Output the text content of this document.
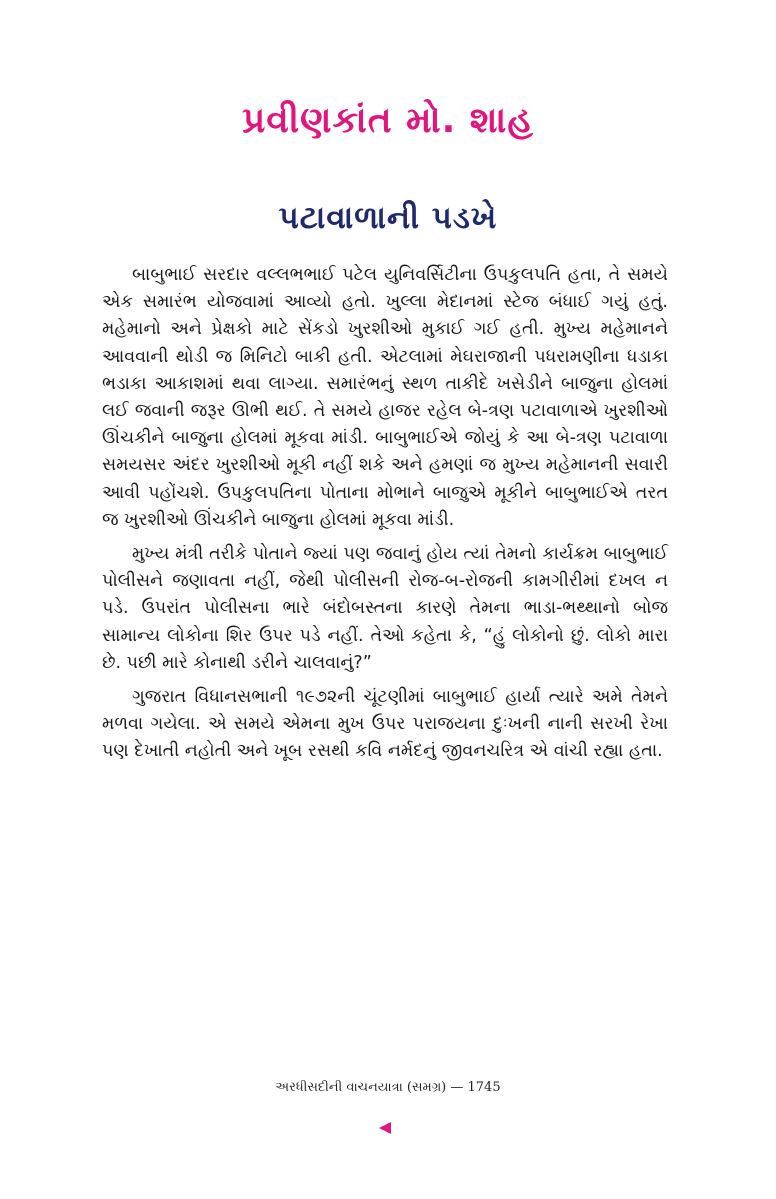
પ્રવીણકાંત મો. શાહ
પટાવાળાની પડખે

બાબુભાઈ સરદાર વલ્લભભાઈ પટેલ યુનિવર્સિટીના ઉપકુલપતિ હતા, તે સમયે એક સમારંભ યોજવામાં આવ્યો હતો. ખુલ્લા મેદાનમાં સ્ટેજ બંધાઈ ગયું હતું. મહેમાનો અને પ્રેક્ષકો માટે સેંકડો ખુરશીઓ મુકાઈ ગઈ હતી. મુખ્ય મહેમાનને આવવાની થોડી જ મિનિટો બાકી હતી. એટલામાં મેઘરાજાની પધરામણીના ધડાકા ભડાકા આકાશમાં થવા લાગ્યા. સમારંભનું સ્થળ તાકીદે ખસેડીને બાજુના હોલમાં લઈ જવાની જરૂર ઊભી થઈ. તે સમયે હાજર રહેલ બે-ત્રણ પટાવાળાએ ખુરશીઓ ઊંચકીને બાજુના હોલમાં મૂકવા માંડી. બાબુભાઈએ જોયું કે આ બે-ત્રણ પટાવાળા સમયસર અંદર ખુરશીઓ મૂકી નહીં શકે અને હમણાં જ મુખ્ય મહેમાનની સવારી આવી પહોંચશે. ઉપકુલપતિના પોતાના મોભાને બાજુએ મૂકીને બાબુભાઈએ તરત જ ખુરશીઓ ઊંચકીને બાજુના હોલમાં મૂકવા માંડી.

મુખ્ય મંત્રી તરીકે પોતાને જ્યાં પણ જવાનું હોય ત્યાં તેમનો કાર્યક્રમ બાબુભાઈ પોલીસને જણાવતા નહીં, જેથી પોલીસની રોજ-બ-રોજની કામગીરીમાં દખલ ન પડે. ઉપરાંત પોલીસના ભારે બંદોબસ્તના કારણે તેમના ભાડા-ભથ્થાનો બોજ સામાન્ય લોકોના શિર ઉપર પડે નહીં. તેઓ કહેતા કે, “હું લોકોનો છું. લોકો મારા છે. પછી મારે કોનાથી ડરીને ચાલવાનું?”

ગુજરાત વિધાનસભાની ૧૯૭૨ની ચૂંટણીમાં બાબુભાઈ હાર્યા ત્યારે અમે તેમને મળવા ગયેલા. એ સમયે એમના મુખ ઉપર પરાજયના દુઃખની નાની સરખી રેખા પણ દેખાતી નહોતી અને ખૂબ રસથી કવિ નર્મદનું જીવનચરિત્ર એ વાંચી રહ્યા હતા.

અરધીસદીની વાચનયાત્રા (સમગ્ર) — 1745
